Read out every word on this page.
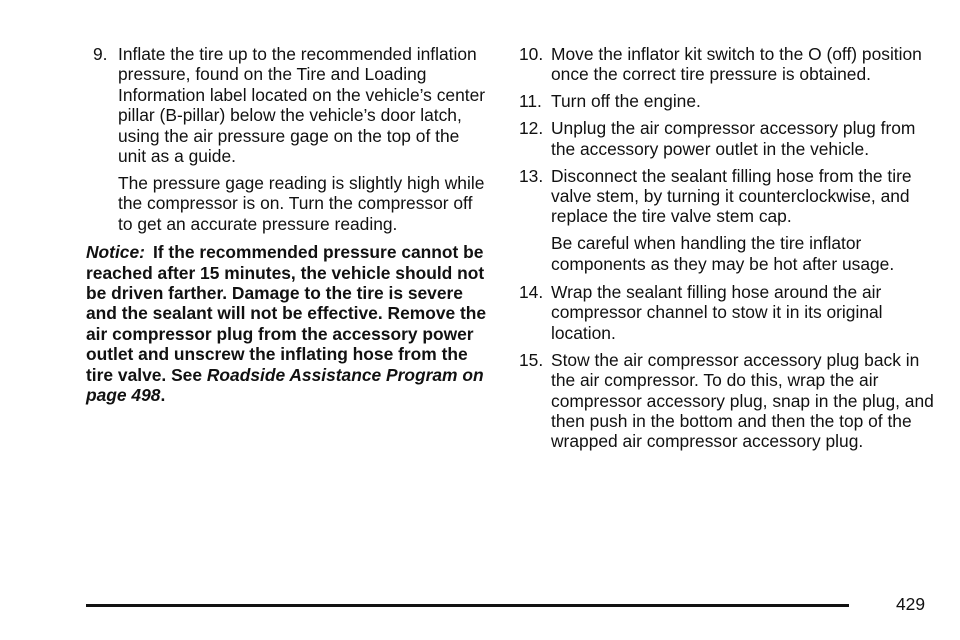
9. Inflate the tire up to the recommended inflation pressure, found on the Tire and Loading Information label located on the vehicle’s center pillar (B-pillar) below the vehicle’s door latch, using the air pressure gage on the top of the unit as a guide.

The pressure gage reading is slightly high while the compressor is on. Turn the compressor off to get an accurate pressure reading.

Notice: If the recommended pressure cannot be reached after 15 minutes, the vehicle should not be driven farther. Damage to the tire is severe and the sealant will not be effective. Remove the air compressor plug from the accessory power outlet and unscrew the inflating hose from the tire valve. See Roadside Assistance Program on page 498.

10. Move the inflator kit switch to the O (off) position once the correct tire pressure is obtained.
11. Turn off the engine.
12. Unplug the air compressor accessory plug from the accessory power outlet in the vehicle.
13. Disconnect the sealant filling hose from the tire valve stem, by turning it counterclockwise, and replace the tire valve stem cap.

Be careful when handling the tire inflator components as they may be hot after usage.

14. Wrap the sealant filling hose around the air compressor channel to stow it in its original location.
15. Stow the air compressor accessory plug back in the air compressor. To do this, wrap the air compressor accessory plug, snap in the plug, and then push in the bottom and then the top of the wrapped air compressor accessory plug.
429
